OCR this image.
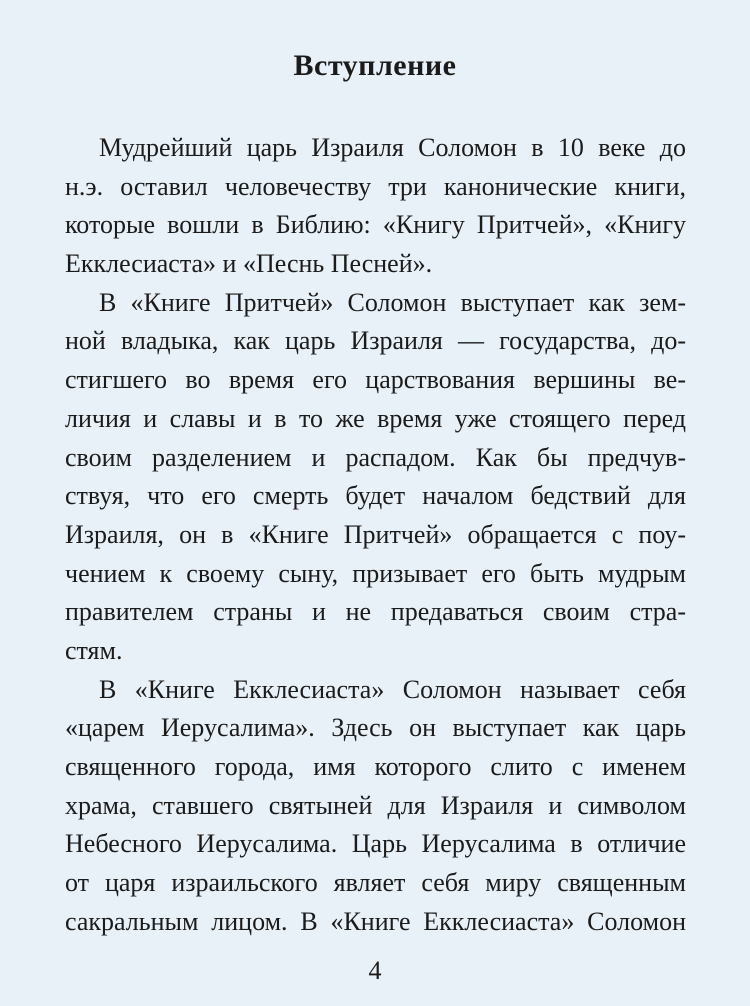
Вступление
Мудрейший царь Израиля Соломон в 10 веке до
н.э. оставил человечеству три канонические книги,
которые вошли в Библию: «Книгу Притчей», «Книгу
Екклесиаста» и «Песнь Песней».
В «Книге Притчей» Соломон выступает как зем-
ной владыка, как царь Израиля — государства, до-
стигшего во время его царствования вершины ве-
личия и славы и в то же время уже стоящего перед
своим разделением и распадом. Как бы предчув-
ствуя, что его смерть будет началом бедствий для
Израиля, он в «Книге Притчей» обращается с поу-
чением к своему сыну, призывает его быть мудрым
правителем страны и не предаваться своим стра-
стям.
В «Книге Екклесиаста» Соломон называет себя
«царем Иерусалима». Здесь он выступает как царь
священного города, имя которого слито с именем
храма, ставшего святыней для Израиля и символом
Небесного Иерусалима. Царь Иерусалима в отличие
от царя израильского являет себя миру священным
сакральным лицом. В «Книге Екклесиаста» Соломон
4
